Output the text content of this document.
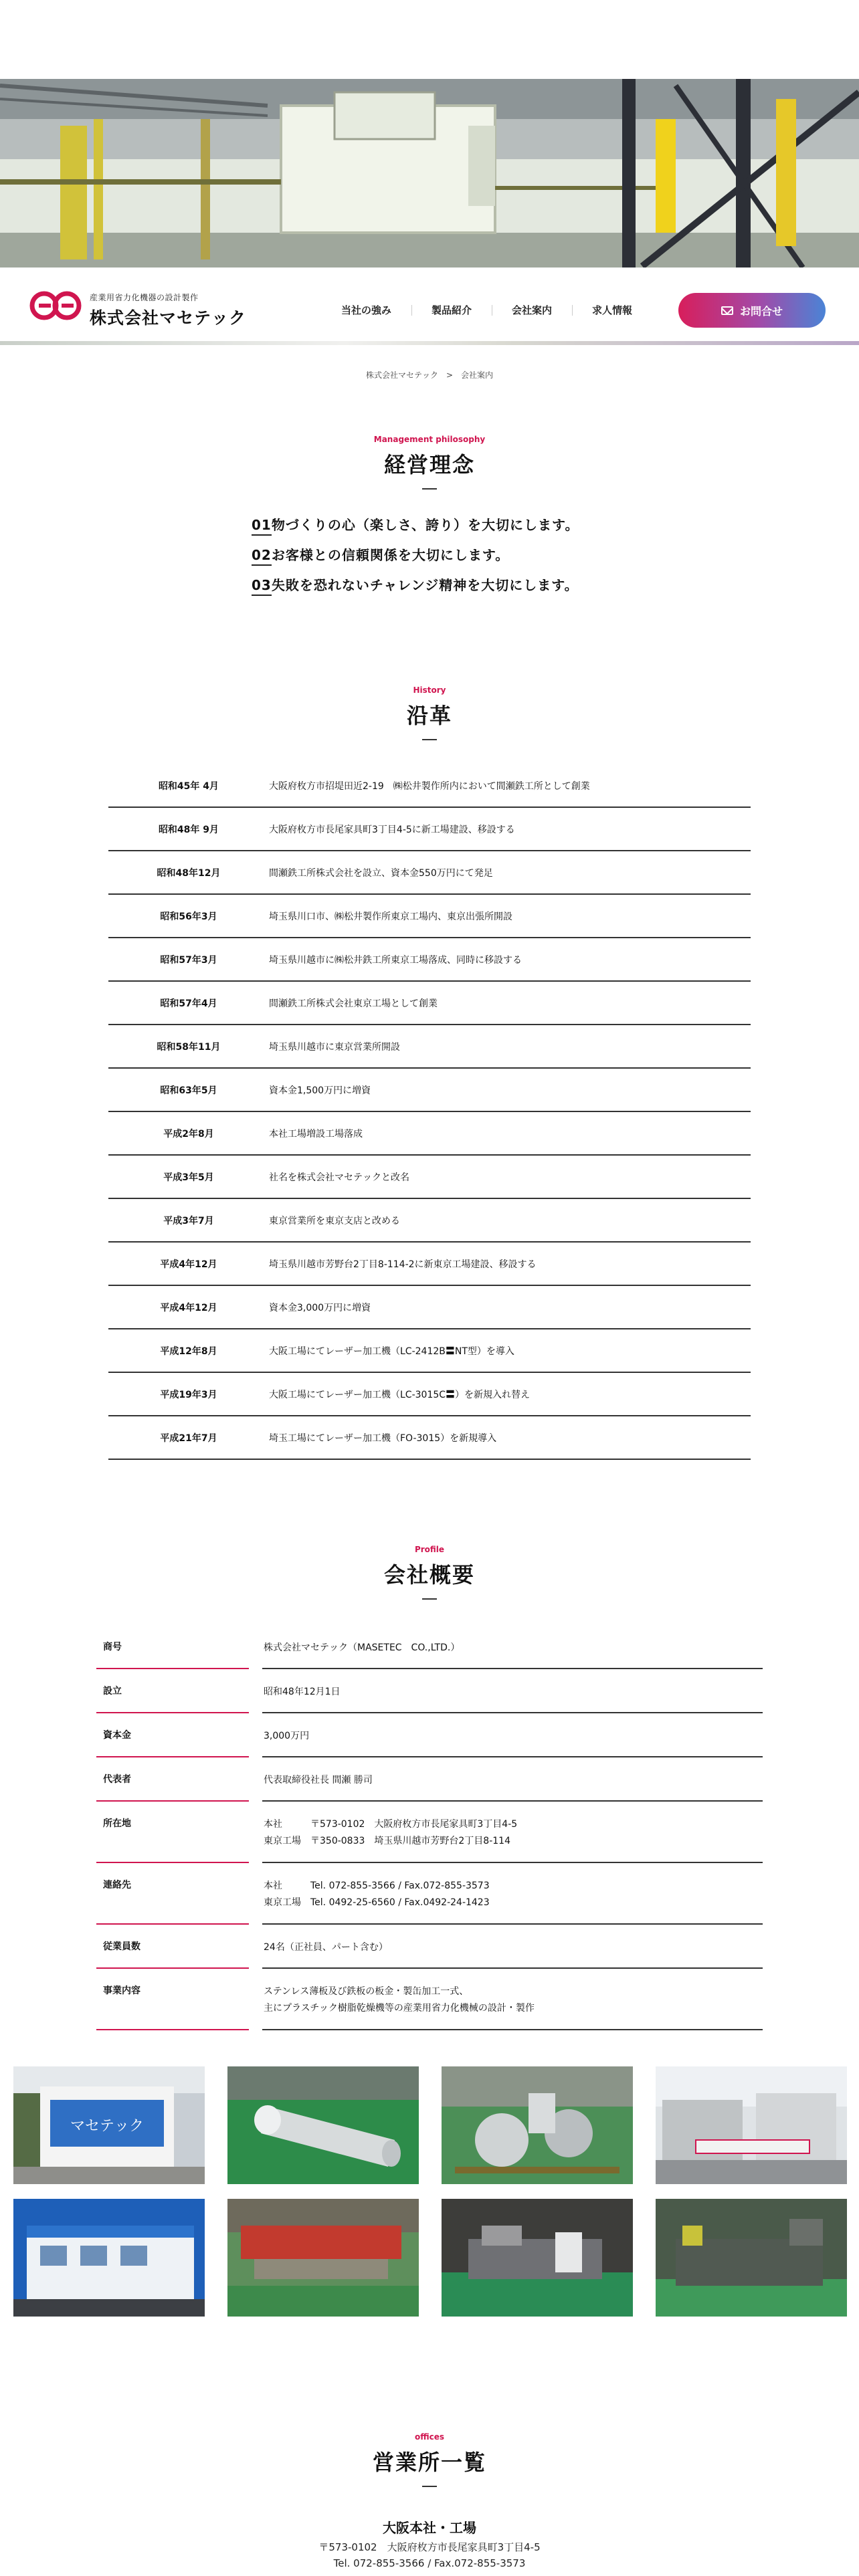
産業用省力化機器の設計製作
株式会社マセテック	当社の強み	製品紹介	会社案内	求人情報	お問合せ
株式会社マセテック > 会社案内
Management philosophy
経営理念
01物づくりの心（楽しさ、誇り）を大切にします。
02お客様との信頼関係を大切にします。
03失敗を恐れないチャレンジ精神を大切にします。
History
沿革
昭和45年 4月	大阪府枚方市招堤田近2-19　㈱松井製作所内において間瀬鉄工所として創業
昭和48年 9月	大阪府枚方市長尾家具町3丁目4-5に新工場建設、移設する
昭和48年12月	間瀬鉄工所株式会社を設立、資本金550万円にて発足
昭和56年3月	埼玉県川口市、㈱松井製作所東京工場内、東京出張所開設
昭和57年3月	埼玉県川越市に㈱松井鉄工所東京工場落成、同時に移設する
昭和57年4月	間瀬鉄工所株式会社東京工場として創業
昭和58年11月	埼玉県川越市に東京営業所開設
昭和63年5月	資本金1,500万円に増資
平成2年8月	本社工場増設工場落成
平成3年5月	社名を株式会社マセテックと改名
平成3年7月	東京営業所を東京支店と改める
平成4年12月	埼玉県川越市芳野台2丁目8-114-2に新東京工場建設、移設する
平成4年12月	資本金3,000万円に増資
平成12年8月	大阪工場にてレーザー加工機（LC-2412B〓NT型）を導入
平成19年3月	大阪工場にてレーザー加工機（LC-3015C〓）を新規入れ替え
平成21年7月	埼玉工場にてレーザー加工機（FO-3015）を新規導入
Profile
会社概要
商号	株式会社マセテック（MASETEC　CO.,LTD.）
設立	昭和48年12月1日
資本金	3,000万円
代表者	代表取締役社長 間瀬 勝司
所在地	本社　　　〒573-0102　大阪府枚方市長尾家具町3丁目4-5
東京工場　〒350-0833　埼玉県川越市芳野台2丁目8-114
連絡先	本社　　　Tel. 072-855-3566 / Fax.072-855-3573
東京工場　Tel. 0492-25-6560 / Fax.0492-24-1423
従業員数	24名（正社員、パート含む）
事業内容	ステンレス薄板及び鉄板の板金・製缶加工一式、
主にプラスチック樹脂乾燥機等の産業用省力化機械の設計・製作
マセテック
offices
営業所一覧
大阪本社・工場
〒573-0102　大阪府枚方市長尾家具町3丁目4-5
Tel. 072-855-3566 / Fax.072-855-3573
